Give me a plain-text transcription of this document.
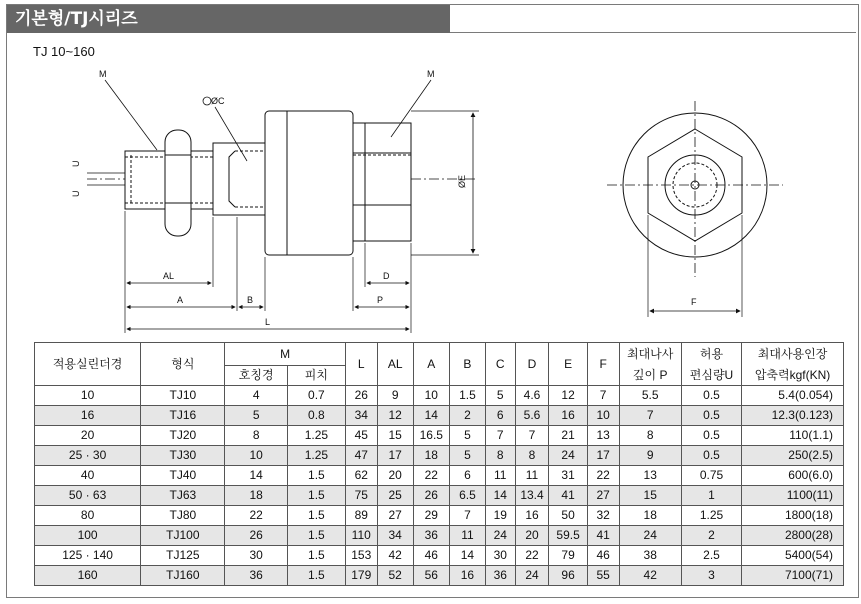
기본형/TJ시리즈
TJ 10~160
M
ØC
M
U
U
ØE
AL
A	B
L
D
P	F
적용실린더경	형식	M		L	AL	A	B	C	D	E	F	최대나사	허용	최대사용인장
		호칭경	피치									깊이 P	편심량U	압축력kgf(KN)
10	TJ10	4	0.7	26	9	10	1.5	5	4.6	12	7	5.5	0.5	5.4(0.054)
16	TJ16	5	0.8	34	12	14	2	6	5.6	16	10	7	0.5	12.3(0.123)
20	TJ20	8	1.25	45	15	16.5	5	7	7	21	13	8	0.5	110(1.1)
25 · 30	TJ30	10	1.25	47	17	18	5	8	8	24	17	9	0.5	250(2.5)
40	TJ40	14	1.5	62	20	22	6	11	11	31	22	13	0.75	600(6.0)
50 · 63	TJ63	18	1.5	75	25	26	6.5	14	13.4	41	27	15	1	1100(11)
80	TJ80	22	1.5	89	27	29	7	19	16	50	32	18	1.25	1800(18)
100	TJ100	26	1.5	110	34	36	11	24	20	59.5	41	24	2	2800(28)
125 · 140	TJ125	30	1.5	153	42	46	14	30	22	79	46	38	2.5	5400(54)
160	TJ160	36	1.5	179	52	56	16	36	24	96	55	42	3	7100(71)
